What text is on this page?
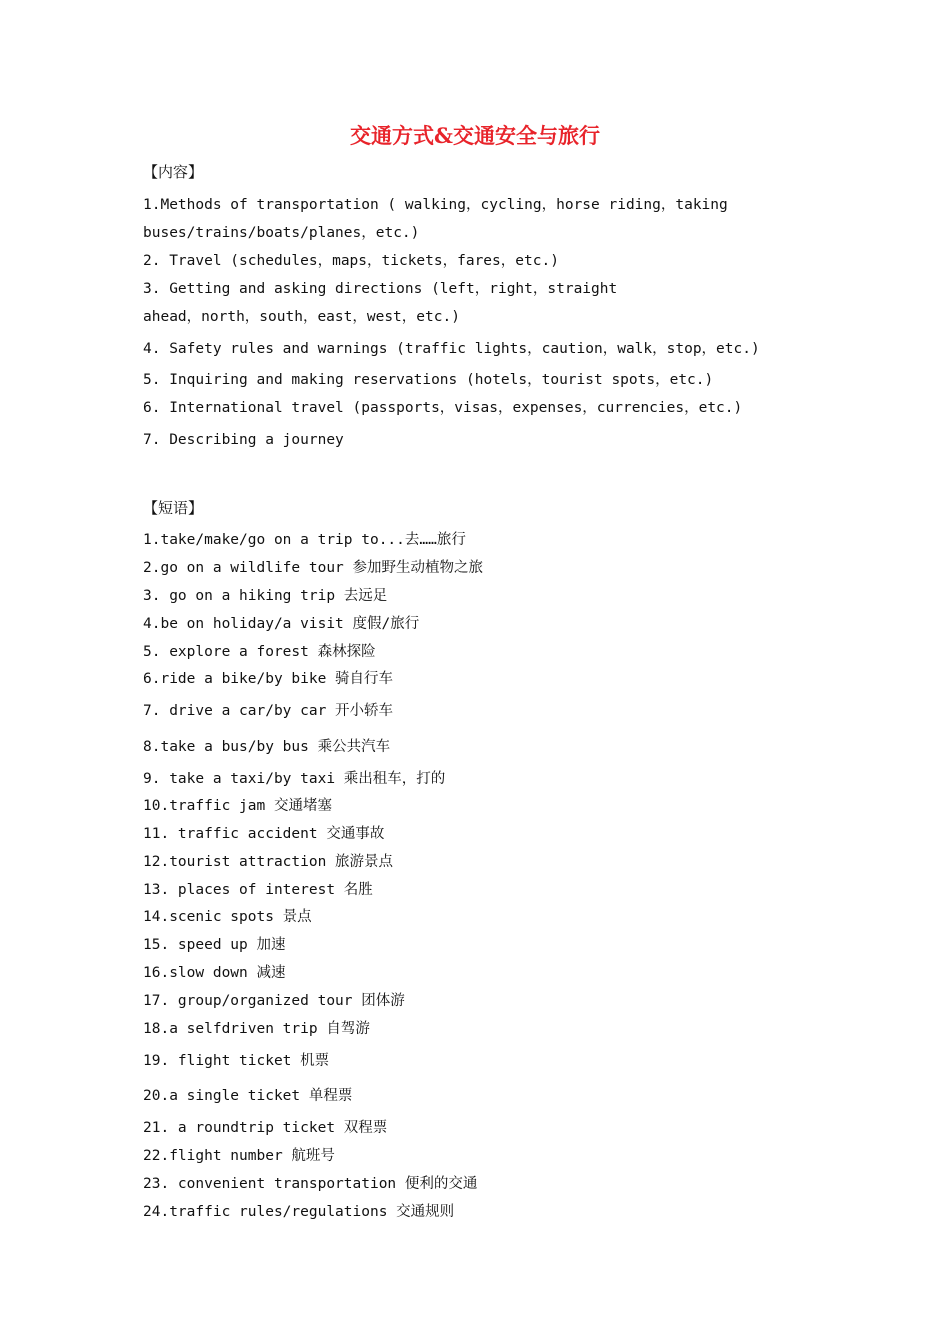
交通方式&交通安全与旅行
【内容】
1.Methods of transportation ( walking，cycling，horse riding，taking
buses/trains/boats/planes，etc.)
2. Travel (schedules，maps，tickets，fares，etc.)
3. Getting and asking directions (left，right，straight
ahead，north，south，east，west，etc.)
4. Safety rules and warnings (traffic lights，caution，walk，stop，etc.)
5. Inquiring and making reservations (hotels，tourist spots，etc.)
6. International travel (passports，visas，expenses，currencies，etc.)
7. Describing a journey
【短语】
1.take/make/go on a trip to...去……旅行
2.go on a wildlife tour 参加野生动植物之旅
3. go on a hiking trip 去远足
4.be on holiday/a visit 度假/旅行
5. explore a forest 森林探险
6.ride a bike/by bike 骑自行车
7. drive a car/by car 开小轿车
8.take a bus/by bus 乘公共汽车
9. take a taxi/by taxi 乘出租车，打的
10.traffic jam 交通堵塞
11. traffic accident 交通事故
12.tourist attraction 旅游景点
13. places of interest 名胜
14.scenic spots 景点
15. speed up 加速
16.slow down 减速
17. group/organized tour 团体游
18.a selfdriven trip 自驾游
19. flight ticket 机票
20.a single ticket 单程票
21. a roundtrip ticket 双程票
22.flight number 航班号
23. convenient transportation 便利的交通
24.traffic rules/regulations 交通规则
